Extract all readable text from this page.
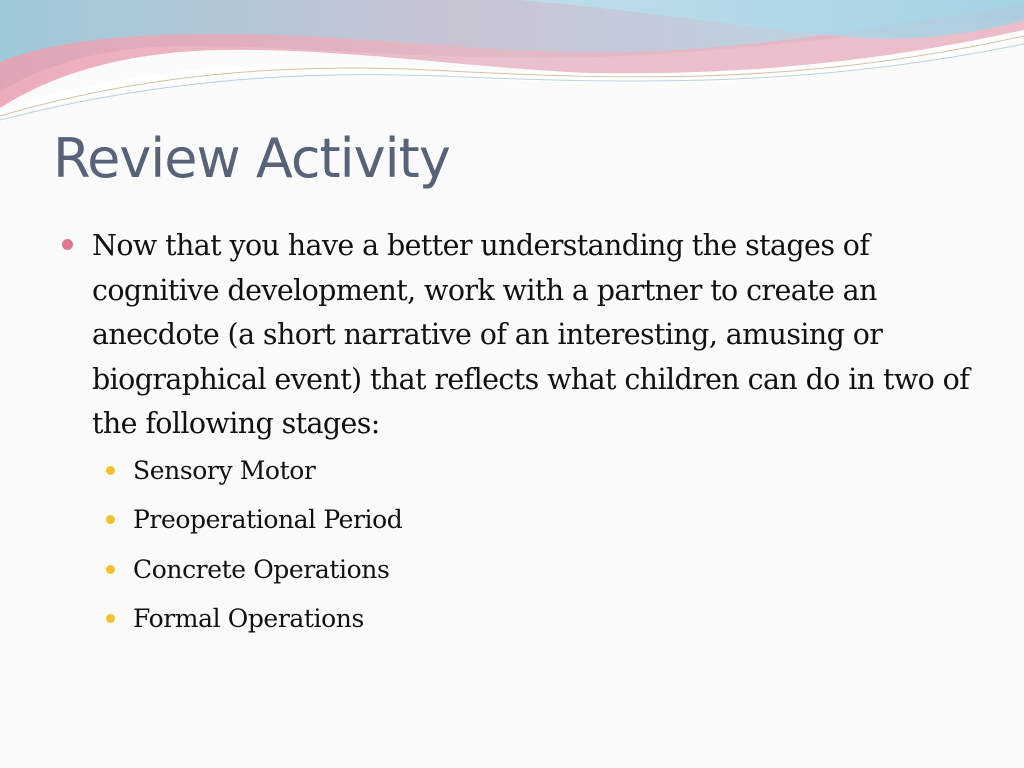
Review Activity
Now that you have a better understanding the stages of cognitive development, work with a partner to create an anecdote (a short narrative of an interesting, amusing or biographical event) that reflects what children can do in two of the following stages:
Sensory Motor
Preoperational Period
Concrete Operations
Formal Operations
